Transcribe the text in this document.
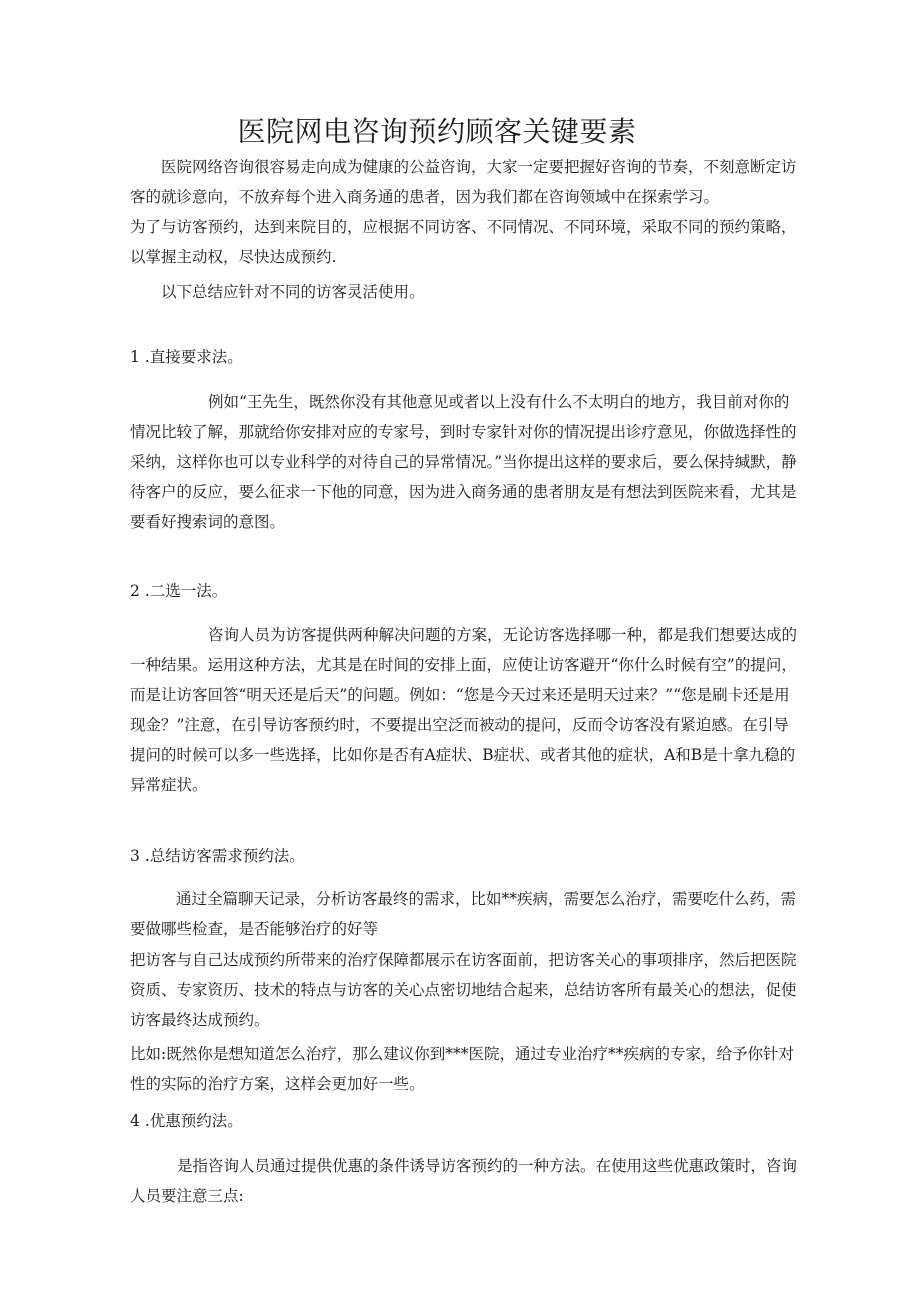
医院网电咨询预约顾客关键要素

医院网络咨询很容易走向成为健康的公益咨询，大家一定要把握好咨询的节奏，不刻意断定访客的就诊意向，不放弃每个进入商务通的患者，因为我们都在咨询领域中在探索学习。

为了与访客预约，达到来院目的，应根据不同访客、不同情况、不同环境，采取不同的预约策略，以掌握主动权，尽快达成预约.

以下总结应针对不同的访客灵活使用。

1 .直接要求法。

例如“王先生，既然你没有其他意见或者以上没有什么不太明白的地方，我目前对你的情况比较了解，那就给你安排对应的专家号，到时专家针对你的情况提出诊疗意见，你做选择性的采纳，这样你也可以专业科学的对待自己的异常情况。”当你提出这样的要求后，要么保持缄默，静待客户的反应，要么征求一下他的同意，因为进入商务通的患者朋友是有想法到医院来看，尤其是要看好搜索词的意图。

2 .二选一法。

咨询人员为访客提供两种解决问题的方案，无论访客选择哪一种，都是我们想要达成的一种结果。运用这种方法，尤其是在时间的安排上面，应使让访客避开“你什么时候有空”的提问，而是让访客回答“明天还是后天”的问题。例如：“您是今天过来还是明天过来？”“您是刷卡还是用现金？”注意，在引导访客预约时，不要提出空泛而被动的提问，反而令访客没有紧迫感。在引导提问的时候可以多一些选择，比如你是否有A症状、B症状、或者其他的症状，A和B是十拿九稳的异常症状。

3 .总结访客需求预约法。

通过全篇聊天记录，分析访客最终的需求，比如**疾病，需要怎么治疗，需要吃什么药，需要做哪些检查，是否能够治疗的好等

把访客与自己达成预约所带来的治疗保障都展示在访客面前，把访客关心的事项排序，然后把医院资质、专家资历、技术的特点与访客的关心点密切地结合起来，总结访客所有最关心的想法，促使访客最终达成预约。

比如:既然你是想知道怎么治疗，那么建议你到***医院，通过专业治疗**疾病的专家，给予你针对性的实际的治疗方案，这样会更加好一些。

4 .优惠预约法。

是指咨询人员通过提供优惠的条件诱导访客预约的一种方法。在使用这些优惠政策时，咨询人员要注意三点:
